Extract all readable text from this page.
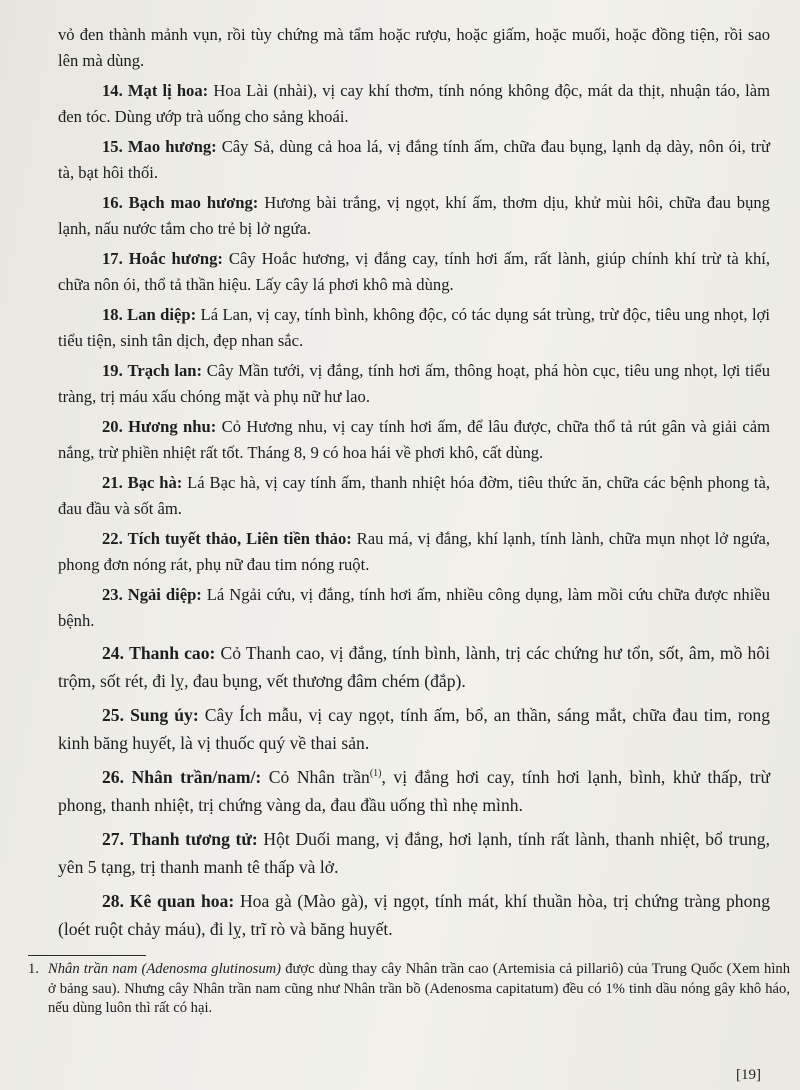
vỏ đen thành mảnh vụn, rồi tùy chứng mà tẩm hoặc rượu, hoặc giấm, hoặc muối, hoặc đồng tiện, rồi sao lên mà dùng.

14. Mạt lị hoa: Hoa Lài (nhài), vị cay khí thơm, tính nóng không độc, mát da thịt, nhuận táo, làm đen tóc. Dùng ướp trà uống cho sảng khoái.

15. Mao hương: Cây Sả, dùng cả hoa lá, vị đắng tính ấm, chữa đau bụng, lạnh dạ dày, nôn ói, trừ tà, bạt hôi thối.

16. Bạch mao hương: Hương bài trắng, vị ngọt, khí ấm, thơm dịu, khử mùi hôi, chữa đau bụng lạnh, nấu nước tắm cho trẻ bị lở ngứa.

17. Hoắc hương: Cây Hoắc hương, vị đắng cay, tính hơi ấm, rất lành, giúp chính khí trừ tà khí, chữa nôn ói, thổ tả thần hiệu. Lấy cây lá phơi khô mà dùng.

18. Lan diệp: Lá Lan, vị cay, tính bình, không độc, có tác dụng sát trùng, trừ độc, tiêu ung nhọt, lợi tiểu tiện, sinh tân dịch, đẹp nhan sắc.

19. Trạch lan: Cây Mần tưới, vị đắng, tính hơi ấm, thông hoạt, phá hòn cục, tiêu ung nhọt, lợi tiểu tràng, trị máu xấu chóng mặt và phụ nữ hư lao.

20. Hương nhu: Cỏ Hương nhu, vị cay tính hơi ấm, để lâu được, chữa thổ tả rút gân và giải cảm nắng, trừ phiền nhiệt rất tốt. Tháng 8, 9 có hoa hái về phơi khô, cất dùng.

21. Bạc hà: Lá Bạc hà, vị cay tính ấm, thanh nhiệt hóa đờm, tiêu thức ăn, chữa các bệnh phong tà, đau đầu và sốt âm.

22. Tích tuyết thảo, Liên tiền thảo: Rau má, vị đắng, khí lạnh, tính lành, chữa mụn nhọt lở ngứa, phong đơn nóng rát, phụ nữ đau tim nóng ruột.

23. Ngải diệp: Lá Ngải cứu, vị đắng, tính hơi ấm, nhiều công dụng, làm mồi cứu chữa được nhiều bệnh.

24. Thanh cao: Cỏ Thanh cao, vị đắng, tính bình, lành, trị các chứng hư tổn, sốt, âm, mồ hôi trộm, sốt rét, đi lỵ, đau bụng, vết thương đâm chém (đắp).

25. Sung úy: Cây Ích mẫu, vị cay ngọt, tính ấm, bổ, an thần, sáng mắt, chữa đau tim, rong kinh băng huyết, là vị thuốc quý về thai sản.

26. Nhân trần/nam/: Cỏ Nhân trần$^{(1)}$, vị đắng hơi cay, tính hơi lạnh, bình, khử thấp, trừ phong, thanh nhiệt, trị chứng vàng da, đau đầu uống thì nhẹ mình.

27. Thanh tương tử: Hột Duối mang, vị đắng, hơi lạnh, tính rất lành, thanh nhiệt, bổ trung, yên 5 tạng, trị thanh manh tê thấp và lở.

28. Kê quan hoa: Hoa gà (Mào gà), vị ngọt, tính mát, khí thuần hòa, trị chứng tràng phong (loét ruột chảy máu), đi lỵ, trĩ rò và băng huyết.

1. Nhân trần nam (Adenosma glutinosum) được dùng thay cây Nhân trần cao (Artemisia cả pillariô) của Trung Quốc (Xem hình ở bảng sau). Nhưng cây Nhân trần nam cũng như Nhân trần bồ (Adenosma capitatum) đều có 1% tinh dầu nóng gây khô háo, nếu dùng luôn thì rất có hại.
[19]
